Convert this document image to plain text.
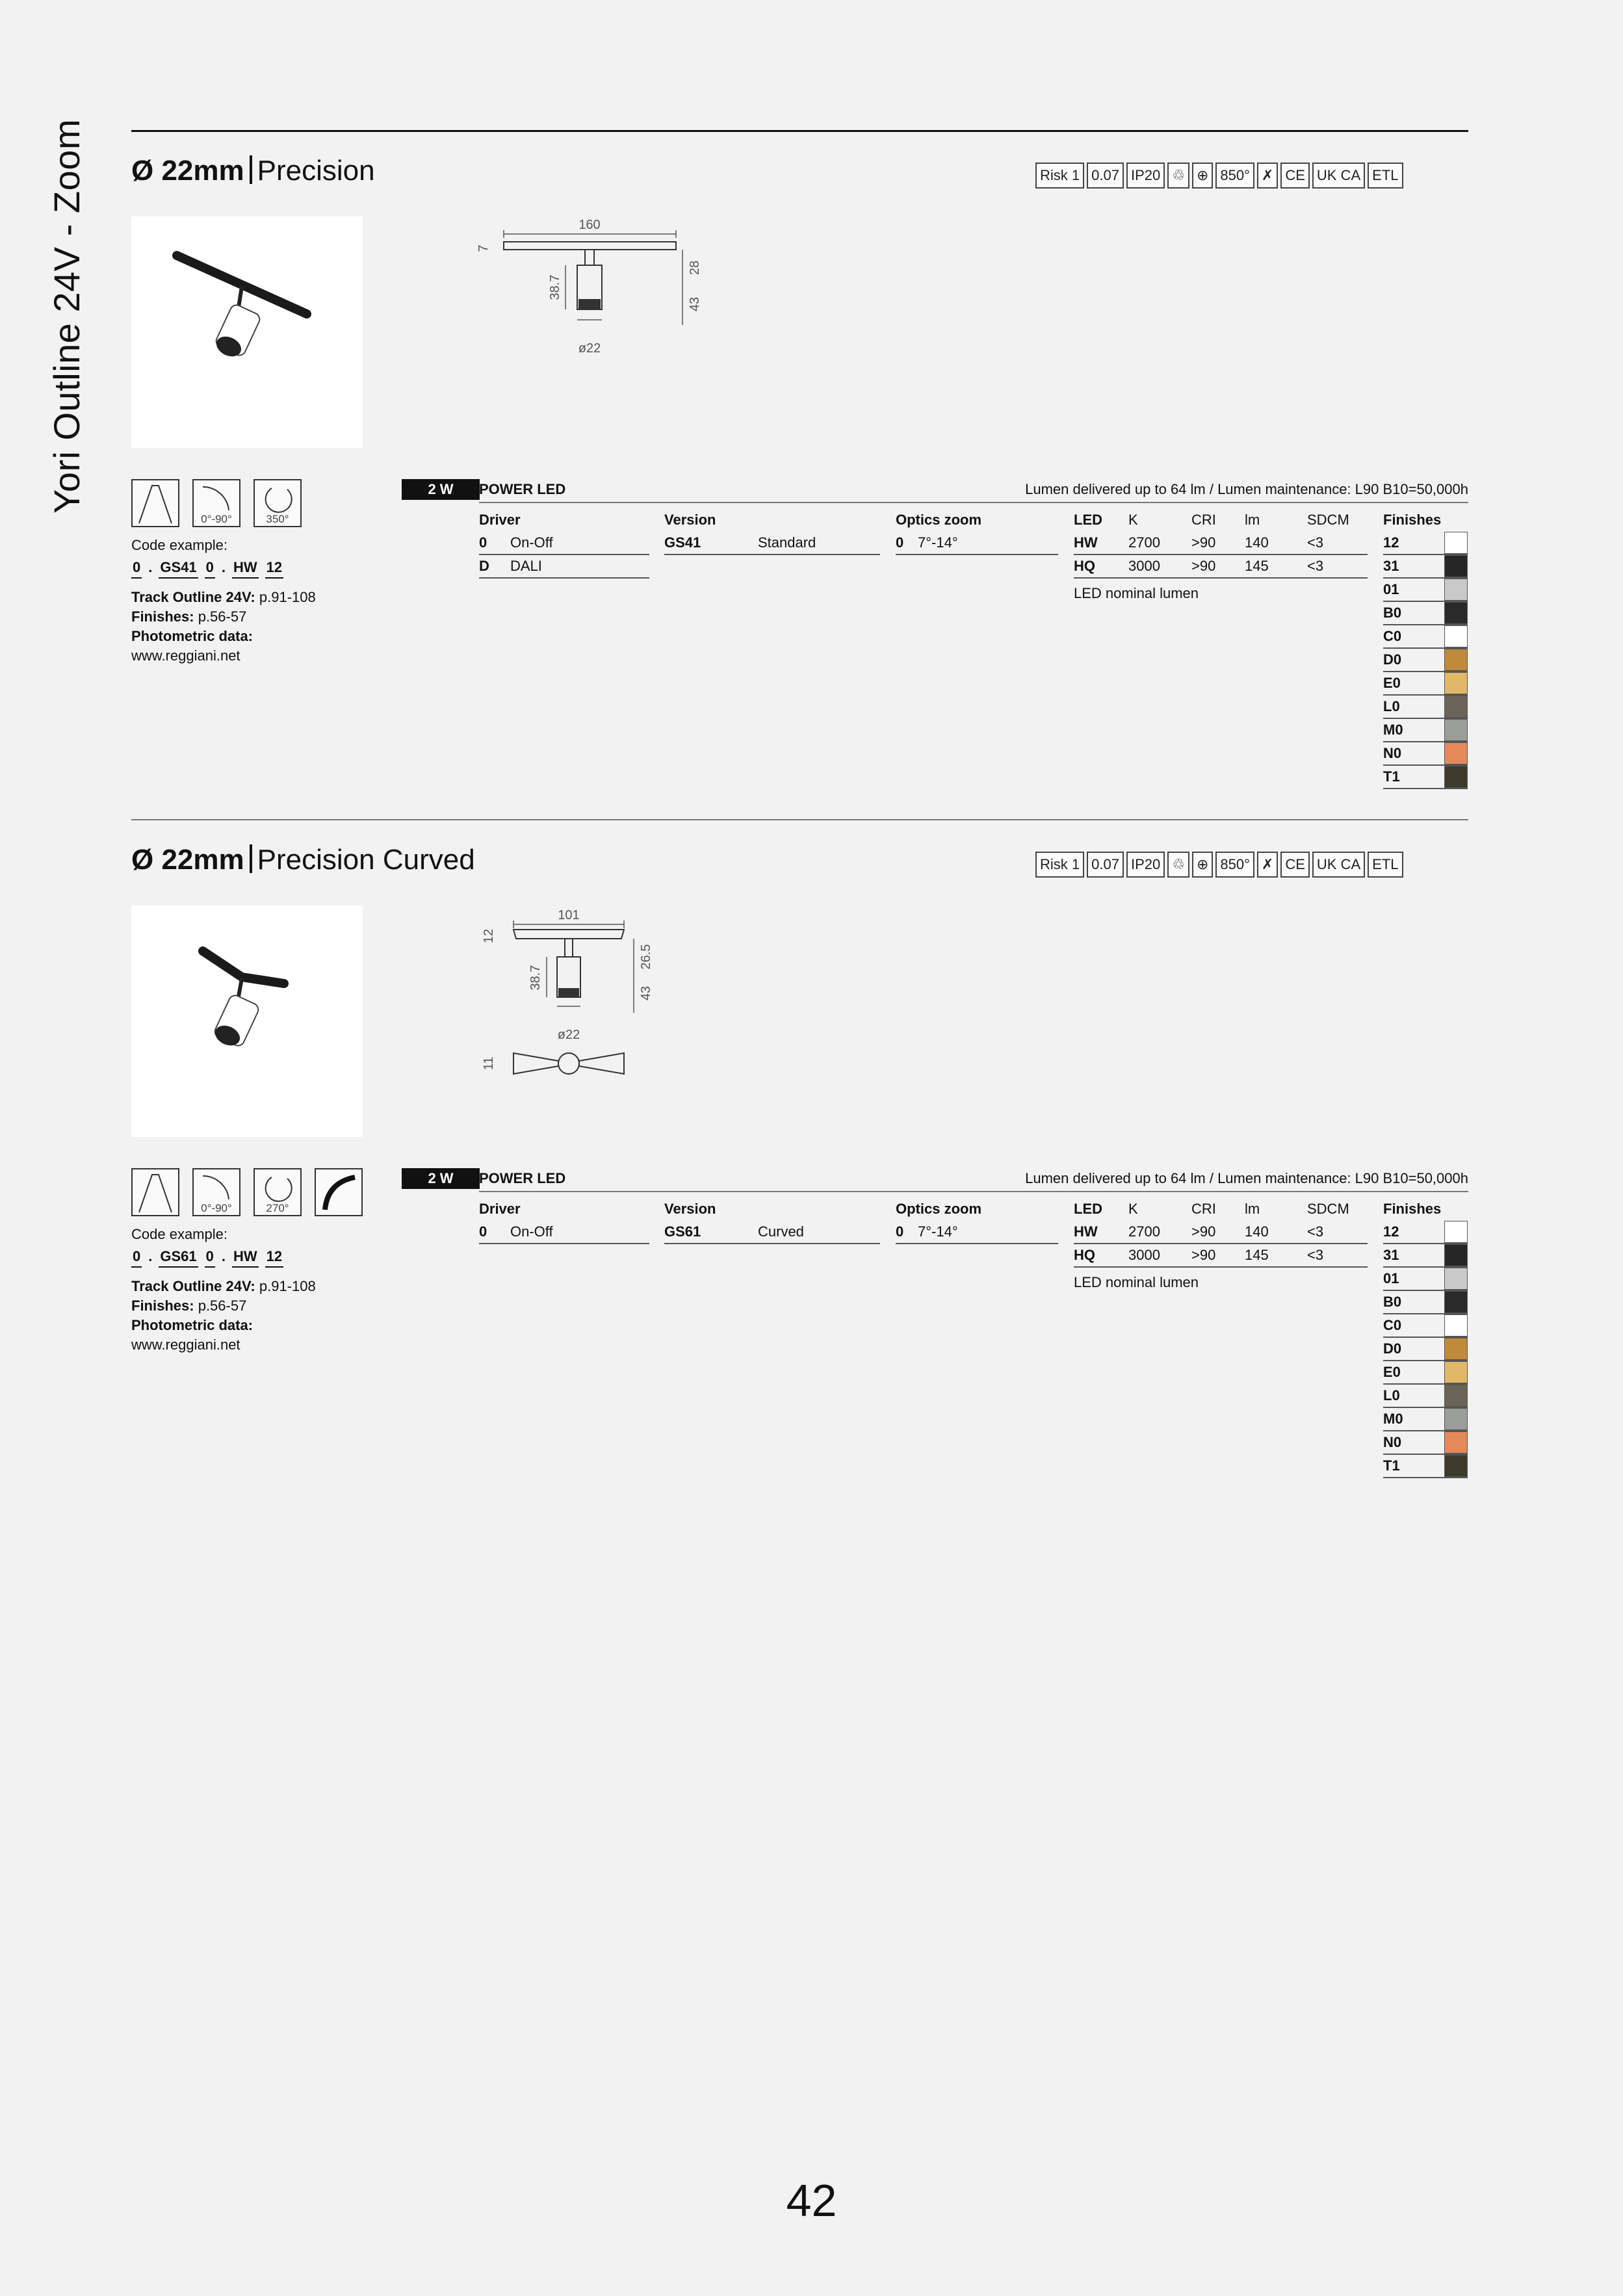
Yori Outline 24V - Zoom Ø 22mm Precision	Risk 1 0.07 IP20 ♲ ⊕ 850° ✗ CE UK CA ETL
160
7
38.7
28
43
ø22
0°-90°	350°
Code example:
0 . GS41 0 . HW 12
Track Outline 24V: p.91-108
Finishes: p.56-57
Photometric data:
www.reggiani.net
2 W	POWER LED	Lumen delivered up to 64 lm / Lumen maintenance: L90 B10=50,000h
Driver
0	On-Off
D	DALI
Version
GS41	Standard
Optics zoom
0 7°-14°
LED	K	CRI	lm	SDCM
HW	2700	>90	140	<3
HQ	3000	>90	145	<3
LED nominal lumen
Finishes
12
31
01
B0
C0
D0
E0
L0
M0
N0
T1
Ø 22mm Precision Curved	Risk 1 0.07 IP20 ♲ ⊕ 850° ✗ CE UK CA ETL
101
12
38.7
26.5
43
ø22
11
0°-90°	270°
Code example:
0 . GS61 0 . HW 12
Track Outline 24V: p.91-108
Finishes: p.56-57
Photometric data:
www.reggiani.net
2 W	POWER LED	Lumen delivered up to 64 lm / Lumen maintenance: L90 B10=50,000h
Driver
0	On-Off
Version
GS61	Curved
Optics zoom
0 7°-14°
LED	K	CRI	lm	SDCM
HW	2700	>90	140	<3
HQ	3000	>90	145	<3
LED nominal lumen
Finishes
12
31
01
B0
C0
D0
E0
L0
M0
N0
T1
42
